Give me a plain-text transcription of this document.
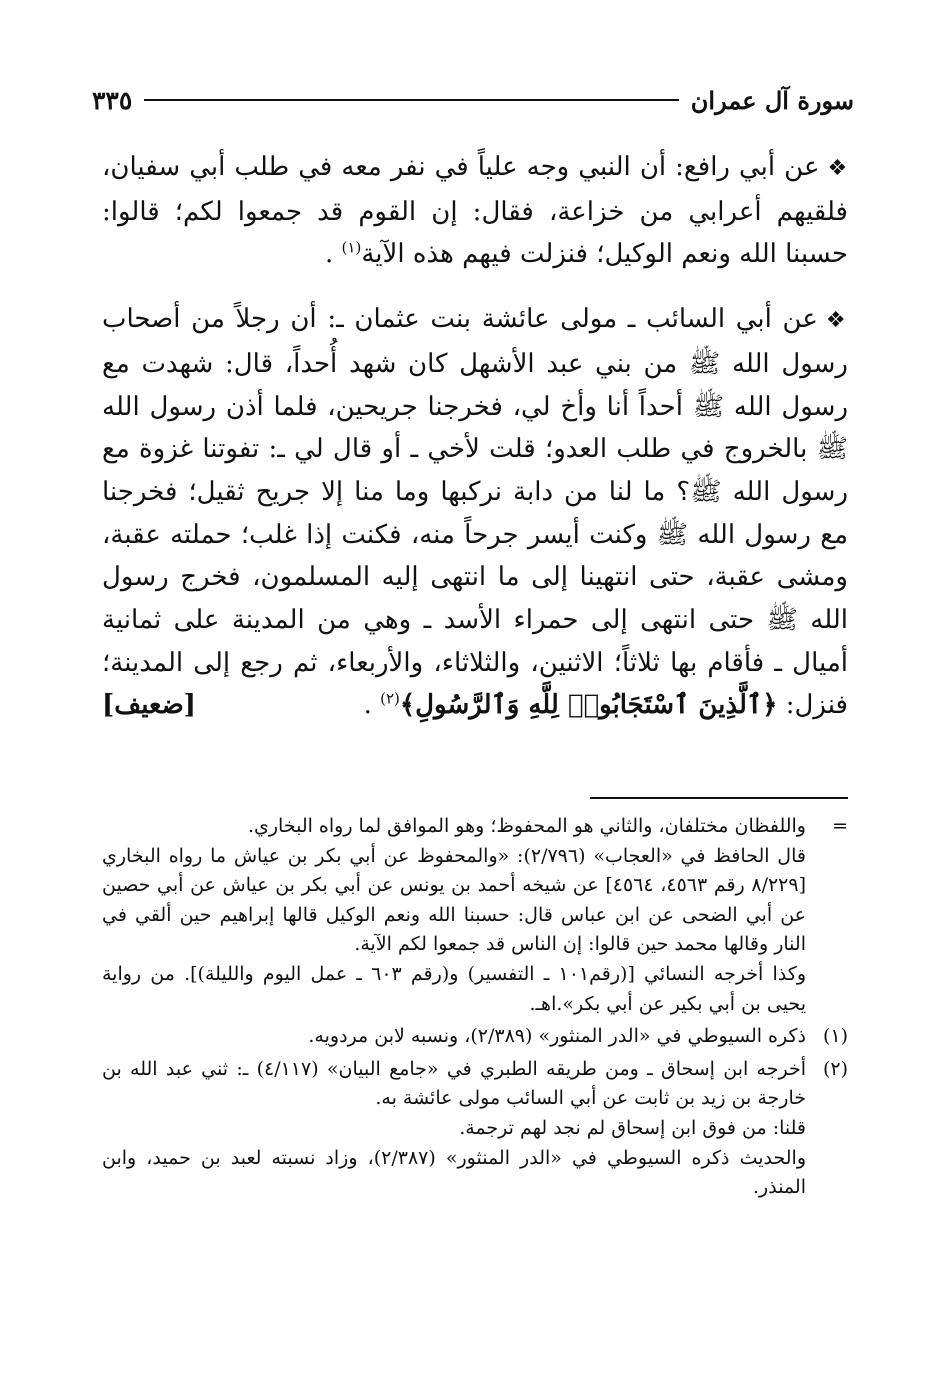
سورة آل عمران
٣٣٥

❖عن أبي رافع: أن النبي وجه علياً في نفر معه في طلب أبي سفيان، فلقيهم أعرابي من خزاعة، فقال: إن القوم قد جمعوا لكم؛ قالوا: حسبنا الله ونعم الوكيل؛ فنزلت فيهم هذه الآية$^{(١)}$ .

❖عن أبي السائب ـ مولى عائشة بنت عثمان ـ: أن رجلاً من أصحاب رسول الله ﷺ من بني عبد الأشهل كان شهد أُحداً، قال: شهدت مع رسول الله ﷺ أحداً أنا وأخ لي، فخرجنا جريحين، فلما أذن رسول الله ﷺ بالخروج في طلب العدو؛ قلت لأخي ـ أو قال لي ـ: تفوتنا غزوة مع رسول الله ﷺ؟ ما لنا من دابة نركبها وما منا إلا جريح ثقيل؛ فخرجنا مع رسول الله ﷺ وكنت أيسر جرحاً منه، فكنت إذا غلب؛ حملته عقبة، ومشى عقبة، حتى انتهينا إلى ما انتهى إليه المسلمون، فخرج رسول الله ﷺ حتى انتهى إلى حمراء الأسد ـ وهي من المدينة على ثمانية أميال ـ فأقام بها ثلاثاً؛ الاثنين، والثلاثاء، والأربعاء، ثم رجع إلى المدينة؛ فنزل: ﴿ٱلَّذِينَ ٱسْتَجَابُوا۟ لِلَّهِ وَٱلرَّسُولِ﴾$^{(٢)}$ .
[ضعيف]

=
واللفظان مختلفان، والثاني هو المحفوظ؛ وهو الموافق لما رواه البخاري.
قال الحافظ في «العجاب» (٢/٧٩٦): «والمحفوظ عن أبي بكر بن عياش ما رواه البخاري [٨/٢٢٩ رقم ٤٥٦٣، ٤٥٦٤] عن شيخه أحمد بن يونس عن أبي بكر بن عياش عن أبي حصين عن أبي الضحى عن ابن عباس قال: حسبنا الله ونعم الوكيل قالها إبراهيم حين ألقي في النار وقالها محمد حين قالوا: إن الناس قد جمعوا لكم الآية.
وكذا أخرجه النسائي [(رقم١٠١ ـ التفسير) و(رقم ٦٠٣ ـ عمل اليوم والليلة)]. من رواية يحيى بن أبي بكير عن أبي بكر».اهـ.
(١)
ذكره السيوطي في «الدر المنثور» (٢/٣٨٩)، ونسبه لابن مردويه.
(٢)
أخرجه ابن إسحاق ـ ومن طريقه الطبري في «جامع البيان» (٤/١١٧) ـ: ثني عبد الله بن خارجة بن زيد بن ثابت عن أبي السائب مولى عائشة به.
قلنا: من فوق ابن إسحاق لم نجد لهم ترجمة.
والحديث ذكره السيوطي في «الدر المنثور» (٢/٣٨٧)، وزاد نسبته لعبد بن حميد، وابن المنذر.
